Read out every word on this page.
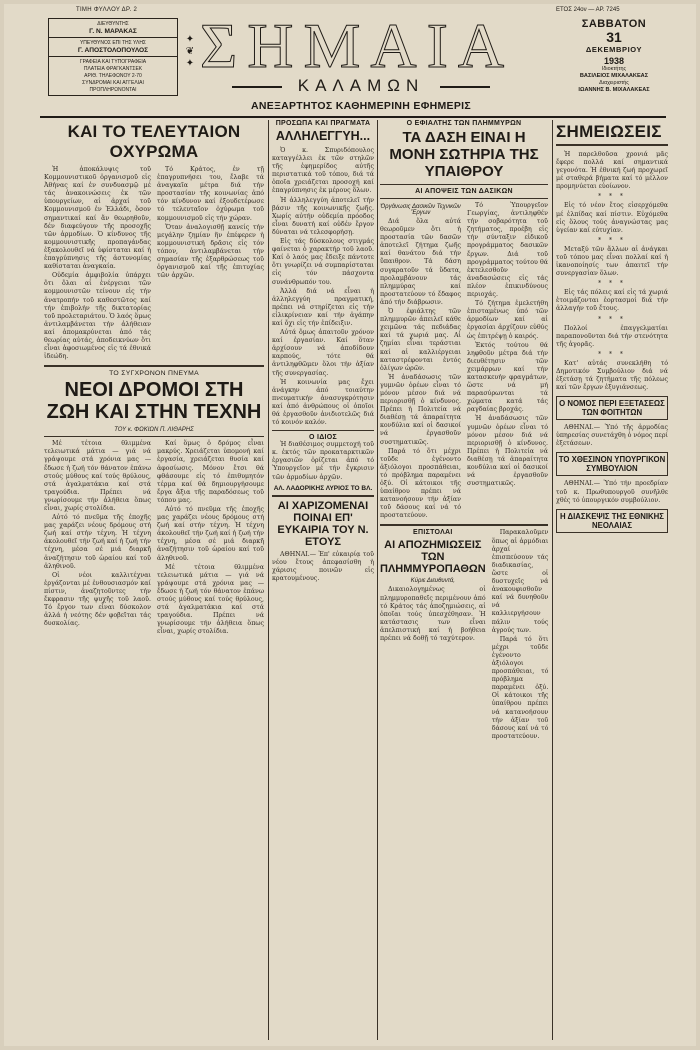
ΤΙΜΗ ΦΥΛΛΟΥ ΔΡ. 2	ΕΤΟΣ 24ον — ΑΡ. 7245
ΔΙΕΥΘΥΝΤΗΣ
Γ. Ν. ΜΑΡΑΚΑΣ
ΥΠΕΥΘΥΝΟΣ ΕΠΙ ΤΗΣ ΥΛΗΣ
Γ. ΑΠΟΣΤΟΛΟΠΟΥΛΟΣ
ΓΡΑΦΕΙΑ ΚΑΙ ΤΥΠΟΓΡΑΦΕΙΑ
ΠΛΑΤΕΙΑ ΦΡΑΓΚΑΝΤΣΕΚ
ΑΡΙΘ. ΤΗΛΕΦΩΝΟΥ 2-70
ΣΥΝΔΡΟΜΑΙ ΚΑΙ ΑΓΓΕΛΙΑΙ
ΠΡΟΠΛΗΡΩΝΟΝΤΑΙ
✦
❦
✦ ΣΗΜΑΙΑ
ΚΑΛΑΜΩΝ
ΑΝΕΞΑΡΤΗΤΟΣ ΚΑΘΗΜΕΡΙΝΗ ΕΦΗΜΕΡΙΣ
ΣΑΒΒΑΤΟΝ
31
ΔΕΚΕΜΒΡΙΟΥ
1938
Ιδιοκτήτης
ΒΑΣΙΛΕΙΟΣ ΜΙΧΑΛΑΚΕΑΣ
Διαχειριστής
ΙΩΑΝΝΗΣ Β. ΜΙΧΑΛΑΚΕΑΣ
ΚΑΙ ΤΟ ΤΕΛΕΥΤΑΙΟΝ ΟΧΥΡΩΜΑ

Ἡ ἀποκάλυψις τοῦ Κομμουνιστικοῦ ὀργανισμοῦ εἰς Ἀθήνας καί ἐν συνδυασμῷ μέ τάς ἀνακοινώσεις ἐκ τῶν ὑπουργείων, αἱ ἀρχαί τοῦ Κομμουνισμοῦ ἐν Ἑλλάδι, ὅσον σημαντικαί καί ἄν θεωρηθοῦν, δέν διαφεύγουν τῆς προσοχῆς τῶν ἀρμοδίων. Ὁ κίνδυνος τῆς κομμουνιστικῆς προπαγάνδας ἐξακολουθεῖ νά ὑφίσταται καί ἡ ἐπαγρύπνησις τῆς ἀστυνομίας καθίσταται ἀναγκαία.

Οὐδεμία ἀμφιβολία ὑπάρχει ὅτι ὅλαι αἱ ἐνέργειαι τῶν κομμουνιστῶν τείνουν εἰς τήν ἀνατροπήν τοῦ καθεστῶτος καί τήν ἐπιβολήν τῆς δικτατορίας τοῦ προλεταριάτου. Ὁ λαός ὅμως ἀντιλαμβάνεται τήν ἀλήθειαν καί ἀπομακρύνεται ἀπό τάς θεωρίας αὐτάς, ἀποδεικνύων ὅτι εἶναι ἀφοσιωμένος εἰς τά ἐθνικά ἰδεώδη.

Τό Κράτος, ἐν τῇ ἐπαγρυπνήσει του, ἔλαβε τά ἀναγκαῖα μέτρα διά τήν προστασίαν τῆς κοινωνίας ἀπό τόν κίνδυνον καί ἐξουδετέρωσε τό τελευταῖον ὀχύρωμα τοῦ κομμουνισμοῦ εἰς τήν χώραν.

Ὅταν ἀναλογισθῇ κανείς τήν μεγάλην ζημίαν ἥν ἐπέφερεν ἡ κομμουνιστική δρᾶσις εἰς τόν τόπον, ἀντιλαμβάνεται τήν σημασίαν τῆς ἐξαρθρώσεως τοῦ ὀργανισμοῦ καί τῆς ἐπιτυχίας τῶν ἀρχῶν.

ΤΟ ΣΥΓΧΡΟΝΟΝ ΠΝΕΥΜΑ
ΝΕΟΙ ΔΡΟΜΟΙ ΣΤΗ ΖΩΗ ΚΑΙ ΣΤΗΝ ΤΕΧΝΗ
ΤΟΥ κ. ΦΩΚΙΩΝ Π. ΛΙΘΑΡΗΣ

Μέ τέτοια θλιμμένα τελειωτικά μάτια — γιά νά γράψουμε στά χρόνια μας — ἔδωσε ἡ ζωή τόν θάνατον ἐπάνω στούς μύθους καί τούς θρύλους, στά ἀγαλματάκια καί στά τραγούδια. Πρέπει νά γνωρίσουμε τήν ἀλήθεια ὅπως εἶναι, χωρίς στολίδια.

Αὐτό τό πνεῦμα τῆς ἐποχῆς μας χαράζει νέους δρόμους στή ζωή καί στήν τέχνη. Ἡ τέχνη ἀκολουθεῖ τήν ζωή καί ἡ ζωή τήν τέχνη, μέσα σέ μιά διαρκῆ ἀναζήτησιν τοῦ ὡραίου καί τοῦ ἀληθινοῦ.

Οἱ νέοι καλλιτέχναι ἐργάζονται μέ ἐνθουσιασμόν καί πίστιν, ἀναζητοῦντες τήν ἔκφρασιν τῆς ψυχῆς τοῦ λαοῦ. Τό ἔργον των εἶναι δύσκολον ἀλλά ἡ νεότης δέν φοβεῖται τάς δυσκολίας.

Καί ὅμως ὁ δρόμος εἶναι μακρύς. Χρειάζεται ὑπομονή καί ἐργασία, χρειάζεται θυσία καί ἀφοσίωσις. Μόνον ἔτσι θά φθάσουμε εἰς τό ἐπιθυμητόν τέρμα καί θά δημιουργήσουμε ἔργα ἄξια τῆς παραδόσεως τοῦ τόπου μας.

Αὐτό τό πνεῦμα τῆς ἐποχῆς μας χαράζει νέους δρόμους στή ζωή καί στήν τέχνη. Ἡ τέχνη ἀκολουθεῖ τήν ζωή καί ἡ ζωή τήν τέχνη, μέσα σέ μιά διαρκῆ ἀναζήτησιν τοῦ ὡραίου καί τοῦ ἀληθινοῦ.

Μέ τέτοια θλιμμένα τελειωτικά μάτια — γιά νά γράψουμε στά χρόνια μας — ἔδωσε ἡ ζωή τόν θάνατον ἐπάνω στούς μύθους καί τούς θρύλους, στά ἀγαλματάκια καί στά τραγούδια. Πρέπει νά γνωρίσουμε τήν ἀλήθεια ὅπως εἶναι, χωρίς στολίδια.

ΠΡΟΣΩΠΑ ΚΑΙ ΠΡΑΓΜΑΤΑ
ΑΛΛΗΛΕΓΓΥΗ...

Ὁ κ. Σπυριδόπουλος καταγγέλλει ἐκ τῶν στηλῶν τῆς ἐφημερίδος αὐτῆς περιστατικά τοῦ τόπου, διά τά ὁποῖα χρειάζεται προσοχή καί ἐπαγρύπνησις ἐκ μέρους ὅλων.

Ἡ ἀλληλεγγύη ἀποτελεῖ τήν βάσιν τῆς κοινωνικῆς ζωῆς. Χωρίς αὐτήν οὐδεμία πρόοδος εἶναι δυνατή καί οὐδέν ἔργον δύναται νά τελεσφορήσῃ.

Εἰς τάς δύσκολους στιγμάς φαίνεται ὁ χαρακτήρ τοῦ λαοῦ. Καί ὁ λαός μας ἔδειξε πάντοτε ὅτι γνωρίζει νά συμπαρίσταται εἰς τόν πάσχοντα συνάνθρωπόν του.

Ἀλλά διά νά εἶναι ἡ ἀλληλεγγύη πραγματική, πρέπει νά στηρίζεται εἰς τήν εἰλικρίνειαν καί τήν ἀγάπην καί ὄχι εἰς τήν ἐπίδειξιν.

Αὐτά ὅμως ἀπαιτοῦν χρόνον καί ἐργασίαν. Καί ὅταν ἀρχίσουν νά ἀποδίδουν καρπούς, τότε θά ἀντιληφθῶμεν ὅλοι τήν ἀξίαν τῆς συνεργασίας.

Ἡ κοινωνία μας ἔχει ἀνάγκην ἀπό τοιαύτην πνευματικήν ἀνασυγκρότησιν καί ἀπό ἀνθρώπους οἱ ὁποῖοι θά ἐργασθοῦν ἀνιδιοτελῶς διά τό κοινόν καλόν.

Ο ΙΔΙΟΣ

Ἡ διαθέσιμος συμμετοχή τοῦ κ. ἐκτός τῶν προκαταρκτικῶν ἐργασιῶν ὁρίζεται ἀπό τό Ὑπουργεῖον μέ τήν ἔγκρισιν τῶν ἁρμοδίων ἀρχῶν.

ΑΛ. ΛΑΔΟΡΙΚΗΣ ΛΥΡΙΟΣ ΤΟ ΒΛ.
ΑΙ ΧΑΡΙΖΟΜΕΝΑΙ ΠΟΙΝΑΙ ΕΠ' ΕΥΚΑΙΡΙΑ ΤΟΥ Ν. ΕΤΟΥΣ

ΑΘΗΝΑΙ.— Ἐπ' εὐκαιρίᾳ τοῦ νέου ἔτους ἀπεφασίσθη ἡ χάρισις ποινῶν εἰς κρατουμένους.

Ο ΕΦΙΑΛΤΗΣ ΤΩΝ ΠΛΗΜΜΥΡΩΝ
ΤΑ ΔΑΣΗ ΕΙΝΑΙ Η ΜΟΝΗ ΣΩΤΗΡΙΑ ΤΗΣ ΥΠΑΙΘΡΟΥ
ΑΙ ΑΠΟΨΕΙΣ ΤΩΝ ΔΑΣΙΚΩΝ
Ὀργάνωσις Δασικῶν Τεχνικῶν Ἔργων

Διά ὅλα αὐτά θεωροῦμεν ὅτι ἡ προστασία τῶν δασῶν ἀποτελεῖ ζήτημα ζωῆς καί θανάτου διά τήν ὕπαιθρον. Τά δάση συγκρατοῦν τά ὕδατα, προλαμβάνουν τάς πλημμύρας καί προστατεύουν τό ἔδαφος ἀπό τήν διάβρωσιν.

Ὁ ἐφιάλτης τῶν πλημμυρῶν ἀπειλεῖ κάθε χειμῶνα τάς πεδιάδας καί τά χωριά μας. Αἱ ζημίαι εἶναι τεράστιαι καί αἱ καλλιέργειαι καταστρέφονται ἐντός ὀλίγων ὡρῶν.

Ἡ ἀναδάσωσις τῶν γυμνῶν ὀρέων εἶναι τό μόνον μέσον διά νά περιορισθῇ ὁ κίνδυνος. Πρέπει ἡ Πολιτεία νά διαθέσῃ τά ἀπαραίτητα κονδύλια καί οἱ δασικοί νά ἐργασθοῦν συστηματικῶς.

Παρά τό ὅτι μέχρι τοῦδε ἐγένοντο ἀξιόλογοι προσπάθειαι, τό πρόβλημα παραμένει ὀξύ. Οἱ κάτοικοι τῆς ὑπαίθρου πρέπει νά κατανοήσουν τήν ἀξίαν τοῦ δάσους καί νά τό προστατεύουν.

Τό Ὑπουργεῖον Γεωργίας, ἀντιληφθέν τήν σοβαρότητα τοῦ ζητήματος, προέβη εἰς τήν σύνταξιν εἰδικοῦ προγράμματος δασικῶν ἔργων. Διά τοῦ προγράμματος τούτου θά ἐκτελεσθοῦν ἀναδασώσεις εἰς τάς πλέον ἐπικινδύνους περιοχάς.

Τό ζήτημα ἐμελετήθη ἐπισταμένως ὑπό τῶν ἁρμοδίων καί αἱ ἐργασίαι ἀρχίζουν εὐθύς ὡς ἐπιτρέψῃ ὁ καιρός.

Ἐκτός τούτου θά ληφθοῦν μέτρα διά τήν διευθέτησιν τῶν χειμάρρων καί τήν κατασκευήν φραγμάτων, ὥστε νά μή παρασύρωνται τά χώματα κατά τάς ραγδαίας βροχάς.

Ἡ ἀναδάσωσις τῶν γυμνῶν ὀρέων εἶναι τό μόνον μέσον διά νά περιορισθῇ ὁ κίνδυνος. Πρέπει ἡ Πολιτεία νά διαθέσῃ τά ἀπαραίτητα κονδύλια καί οἱ δασικοί νά ἐργασθοῦν συστηματικῶς.

ΕΠΙΣΤΟΛΑΙ
ΑΙ ΑΠΟΖΗΜΙΩΣΕΙΣ ΤΩΝ ΠΛΗΜΜΥΡΟΠΑΘΩΝ
Κύριε Διευθυντά,

Δικαιολογημένως οἱ πλημμυροπαθεῖς περιμένουν ἀπό τό Κράτος τάς ἀποζημιώσεις, αἱ ὁποῖαι τούς ὑπεσχέθησαν. Ἡ κατάστασις των εἶναι ἀπελπιστική καί ἡ βοήθεια πρέπει νά δοθῇ τό ταχύτερον.

Παρακαλοῦμεν ὅπως αἱ ἁρμόδιαι ἀρχαί ἐπισπεύσουν τάς διαδικασίας, ὥστε οἱ δυστυχεῖς νά ἀνακουφισθοῦν καί νά δυνηθοῦν νά καλλιεργήσουν πάλιν τούς ἀγρούς των.

Παρά τό ὅτι μέχρι τοῦδε ἐγένοντο ἀξιόλογοι προσπάθειαι, τό πρόβλημα παραμένει ὀξύ. Οἱ κάτοικοι τῆς ὑπαίθρου πρέπει νά κατανοήσουν τήν ἀξίαν τοῦ δάσους καί νά τό προστατεύουν.

ΣΗΜΕΙΩΣΕΙΣ

Ἡ παρελθοῦσα χρονιά μᾶς ἔφερε πολλά καί σημαντικά γεγονότα. Ἡ ἐθνική ζωή προχωρεῖ μέ σταθερά βήματα καί τό μέλλον προμηνύεται εὐοίωνον.

* * *

Εἰς τό νέον ἔτος εἰσερχόμεθα μέ ἐλπίδας καί πίστιν. Εὐχόμεθα εἰς ὅλους τούς ἀναγνώστας μας ὑγείαν καί εὐτυχίαν.

* * *

Μεταξύ τῶν ἄλλων αἱ ἀνάγκαι τοῦ τόπου μας εἶναι πολλαί καί ἡ ἱκανοποίησίς των ἀπαιτεῖ τήν συνεργασίαν ὅλων.

* * *

Εἰς τάς πόλεις καί εἰς τά χωριά ἑτοιμάζονται ἑορτασμοί διά τήν ἀλλαγήν τοῦ ἔτους.

* * *

Πολλοί ἐπαγγελματίαι παραπονοῦνται διά τήν στενότητα τῆς ἀγορᾶς.

* * *

Κατ' αὐτάς συνεκλήθη τό Δημοτικόν Συμβούλιον διά νά ἐξετάσῃ τά ζητήματα τῆς πόλεως καί τῶν ἔργων ἐξυγιάνσεως.

Ο ΝΟΜΟΣ ΠΕΡΙ ΕΞΕΤΑΣΕΩΣ ΤΩΝ ΦΟΙΤΗΤΩΝ

ΑΘΗΝΑΙ.— Ὑπό τῆς ἁρμοδίας ὑπηρεσίας συνετάχθη ὁ νόμος περί ἐξετάσεων.

ΤΟ ΧΘΕΣΙΝΟΝ ΥΠΟΥΡΓΙΚΟΝ ΣΥΜΒΟΥΛΙΟΝ

ΑΘΗΝΑΙ.— Ὑπό τήν προεδρίαν τοῦ κ. Πρωθυπουργοῦ συνῆλθε χθές τό ὑπουργικόν συμβούλιον.

Η ΔΙΑΣΚΕΨΙΣ ΤΗΣ ΕΘΝΙΚΗΣ ΝΕΟΛΑΙΑΣ
